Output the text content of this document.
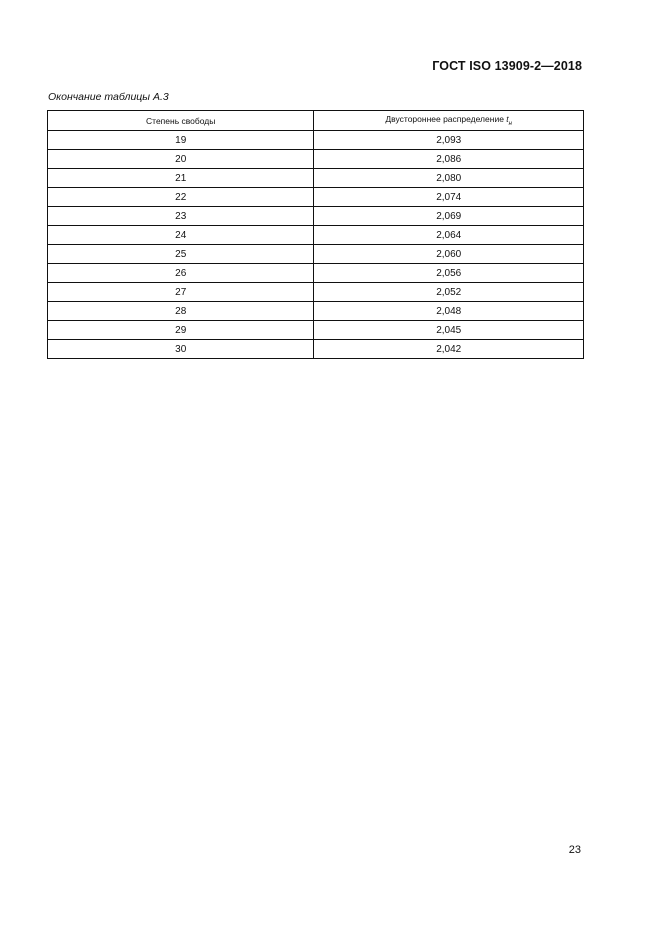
ГОСТ ISO 13909-2—2018
Окончание таблицы А.3
Степень свободы	Двустороннее распределение $t_н$
19	2,093
20	2,086
21	2,080
22	2,074
23	2,069
24	2,064
25	2,060
26	2,056
27	2,052
28	2,048
29	2,045
30	2,042
23
